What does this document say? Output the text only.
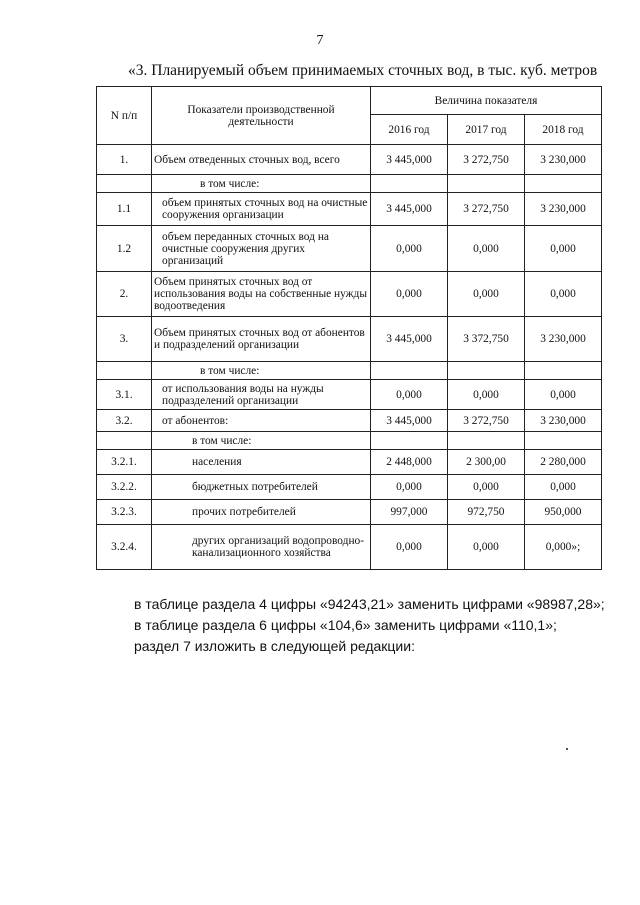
7
«3. Планируемый объем принимаемых сточных вод, в тыс. куб. метров
N п/п	Показатели производственной деятельности	Величина показателя		
		2016 год	2017 год	2018 год
1.	Объем отведенных сточных вод, всего	3 445,000	3 272,750	3 230,000
	в том числе:			
1.1	объем принятых сточных вод на очистные сооружения организации	3 445,000	3 272,750	3 230,000
1.2	объем переданных сточных вод на очистные сооружения других организаций	0,000	0,000	0,000
2.	Объем принятых сточных вод от использования воды на собственные нужды водоотведения	0,000	0,000	0,000
3.	Объем принятых сточных вод от абонентов и подразделений организации	3 445,000	3 372,750	3 230,000
	в том числе:			
3.1.	от использования воды на нужды подразделений организации	0,000	0,000	0,000
3.2.	от абонентов:	3 445,000	3 272,750	3 230,000
	в том числе:			
3.2.1.	населения	2 448,000	2 300,00	2 280,000
3.2.2.	бюджетных потребителей	0,000	0,000	0,000
3.2.3.	прочих потребителей	997,000	972,750	950,000
3.2.4.	других организаций водопроводно-канализационного хозяйства	0,000	0,000	0,000»;
в таблице раздела 4 цифры «94243,21» заменить цифрами «98987,28»;
в таблице раздела 6 цифры «104,6» заменить цифрами «110,1»;
раздел 7 изложить в следующей редакции:
